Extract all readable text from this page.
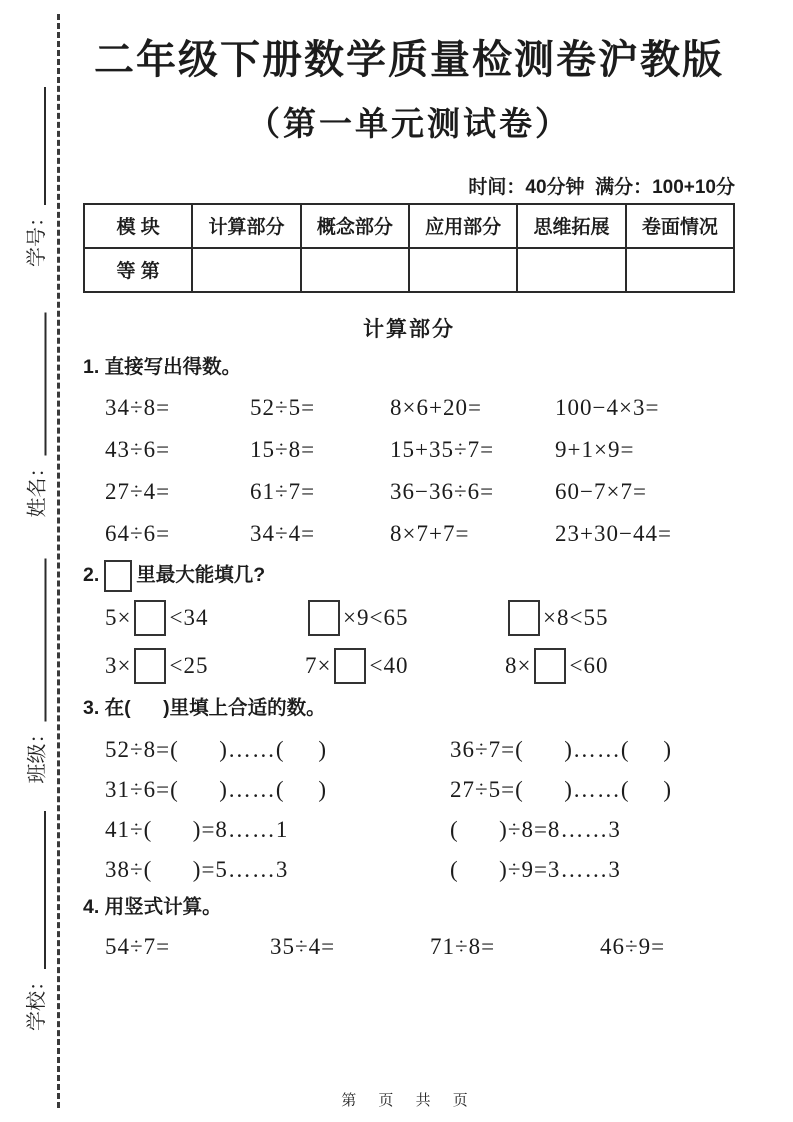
学号：
姓名：
班级：
学校：
二年级下册数学质量检测卷沪教版
（第一单元测试卷）
时间：40分钟  满分：100+10分
模 块	计算部分	概念部分	应用部分	思维拓展	卷面情况
等 第					
计算部分
1. 直接写出得数。
34÷8=	52÷5=	8×6+20=	100−4×3=
43÷6=	15÷8=	15+35÷7=	9+1×9=
27÷4=	61÷7=	36−36÷6=	60−7×7=
64÷6=	34÷4=	8×7+7=	23+30−44=
2. 里最大能填几?
5× <34	×9<65	×8<55
3× <25	7× <40	8× <60
3. 在(      )里填上合适的数。
52÷8=(      )……(     )	36÷7=(      )……(     )
31÷6=(      )……(     )	27÷5=(      )……(     )
41÷(      )=8……1	(      )÷8=8……3
38÷(      )=5……3	(      )÷9=3……3
4. 用竖式计算。
54÷7=	35÷4=	71÷8=	46÷9=
第 页 共 页
